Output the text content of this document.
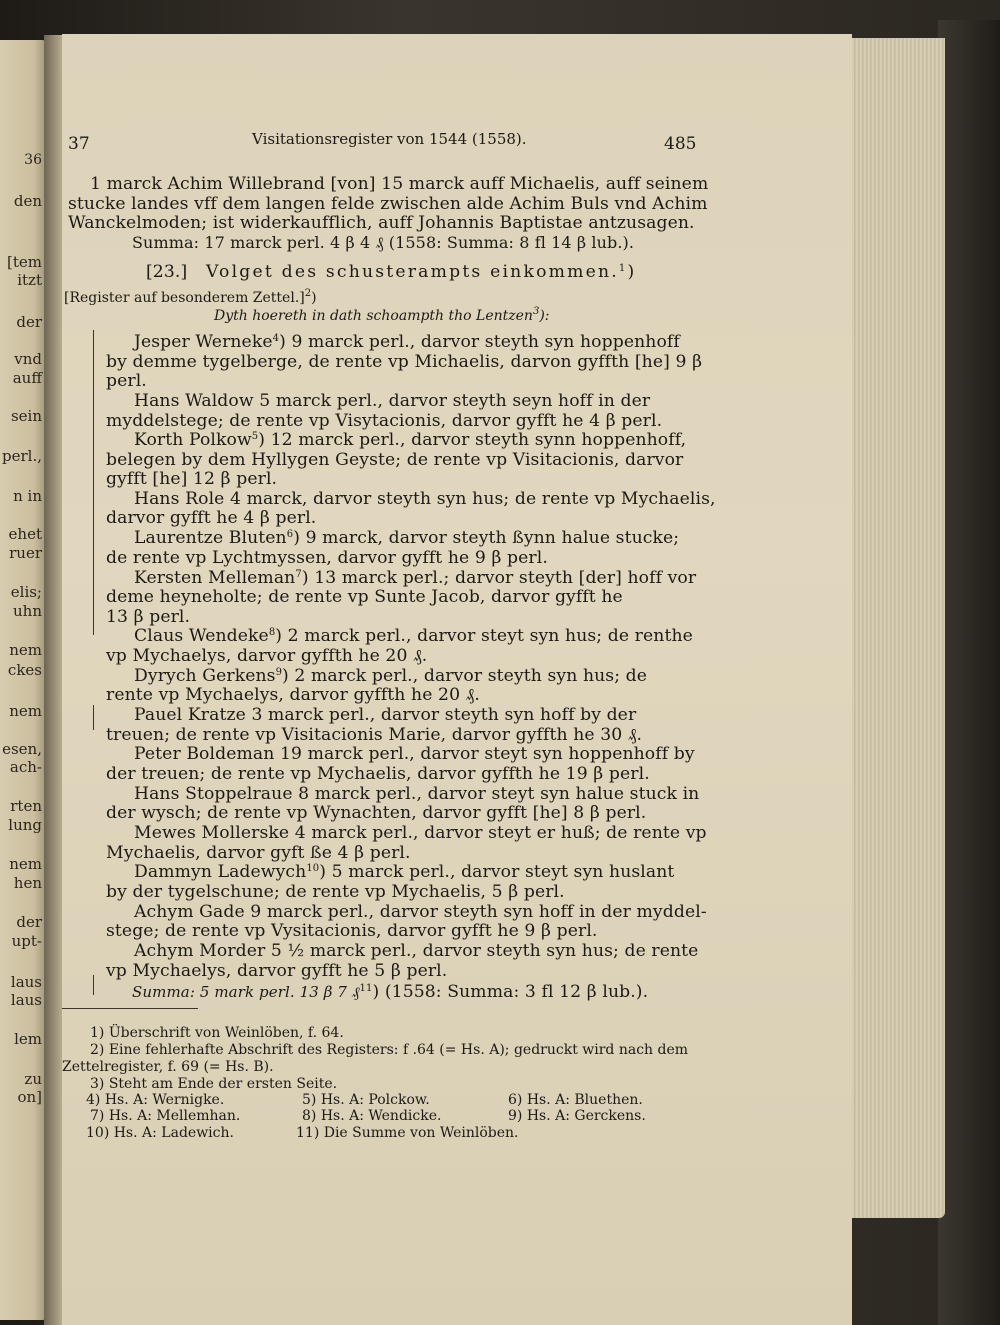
36
den
[tem
itzt
der
vnd
auff
sein
perl.,
n in
ehet
ruer
elis;
uhn
nem
ckes
nem
esen,
ach-
rten
lung
nem
hen
der
upt-
laus
laus
lem
zu
on]
37	Visitationsregister von 1544 (1558).	485
1 marck Achim Willebrand [von] 15 marck auff Michaelis, auff seinem
stucke landes vff dem langen felde zwischen alde Achim Buls vnd Achim
Wanckelmoden; ist widerkaufflich, auff Johannis Baptistae antzusagen.
Summa: 17 marck perl. 4 β 4 ₰ (1558: Summa: 8 fl 14 β lub.).
[23.] Volget des schusterampts einkommen.$^1$)
[Register auf besonderem Zettel.]$^2$)
Dyth hoereth in dath schoampth tho Lentzen$^3$):
Jesper Werneke$^4$) 9 marck perl., darvor steyth syn hoppenhoff
by demme tygelberge, de rente vp Michaelis, darvon gyffth [he] 9 β
perl.
Hans Waldow 5 marck perl., darvor steyth seyn hoff in der
myddelstege; de rente vp Visytacionis, darvor gyfft he 4 β perl.
Korth Polkow$^5$) 12 marck perl., darvor steyth synn hoppenhoff,
belegen by dem Hyllygen Geyste; de rente vp Visitacionis, darvor
gyfft [he] 12 β perl.
Hans Role 4 marck, darvor steyth syn hus; de rente vp Mychaelis,
darvor gyfft he 4 β perl.
Laurentze Bluten$^6$) 9 marck, darvor steyth ßynn halue stucke;
de rente vp Lychtmyssen, darvor gyfft he 9 β perl.
Kersten Melleman$^7$) 13 marck perl.; darvor steyth [der] hoff vor
deme heyneholte; de rente vp Sunte Jacob, darvor gyfft he
13 β perl.
Claus Wendeke$^8$) 2 marck perl., darvor steyt syn hus; de renthe
vp Mychaelys, darvor gyffth he 20 ₰.
Dyrych Gerkens$^9$) 2 marck perl., darvor steyth syn hus; de
rente vp Mychaelys, darvor gyffth he 20 ₰.
Pauel Kratze 3 marck perl., darvor steyth syn hoff by der
treuen; de rente vp Visitacionis Marie, darvor gyffth he 30 ₰.
Peter Boldeman 19 marck perl., darvor steyt syn hoppenhoff by
der treuen; de rente vp Mychaelis, darvor gyffth he 19 β perl.
Hans Stoppelraue 8 marck perl., darvor steyt syn halue stuck in
der wysch; de rente vp Wynachten, darvor gyfft [he] 8 β perl.
Mewes Mollerske 4 marck perl., darvor steyt er huß; de rente vp
Mychaelis, darvor gyft ße 4 β perl.
Dammyn Ladewych$^{10}$) 5 marck perl., darvor steyt syn huslant
by der tygelschune; de rente vp Mychaelis, 5 β perl.
Achym Gade 9 marck perl., darvor steyth syn hoff in der myddel-
stege; de rente vp Vysitacionis, darvor gyfft he 9 β perl.
Achym Morder 5 ½ marck perl., darvor steyth syn hus; de rente
vp Mychaelys, darvor gyfft he 5 β perl.
Summa: 5 mark perl. 13 β 7 ₰$^{11}$) (1558: Summa: 3 fl 12 β lub.).
1) Überschrift von Weinlöben, f. 64.
2) Eine fehlerhafte Abschrift des Registers: f .64 (= Hs. A); gedruckt wird nach dem
Zettelregister, f. 69 (= Hs. B).
3) Steht am Ende der ersten Seite.
4) Hs. A: Wernigke.	5) Hs. A: Polckow.	6) Hs. A: Bluethen.
7) Hs. A: Mellemhan.	8) Hs. A: Wendicke.	9) Hs. A: Gerckens.
10) Hs. A: Ladewich.	11) Die Summe von Weinlöben.
